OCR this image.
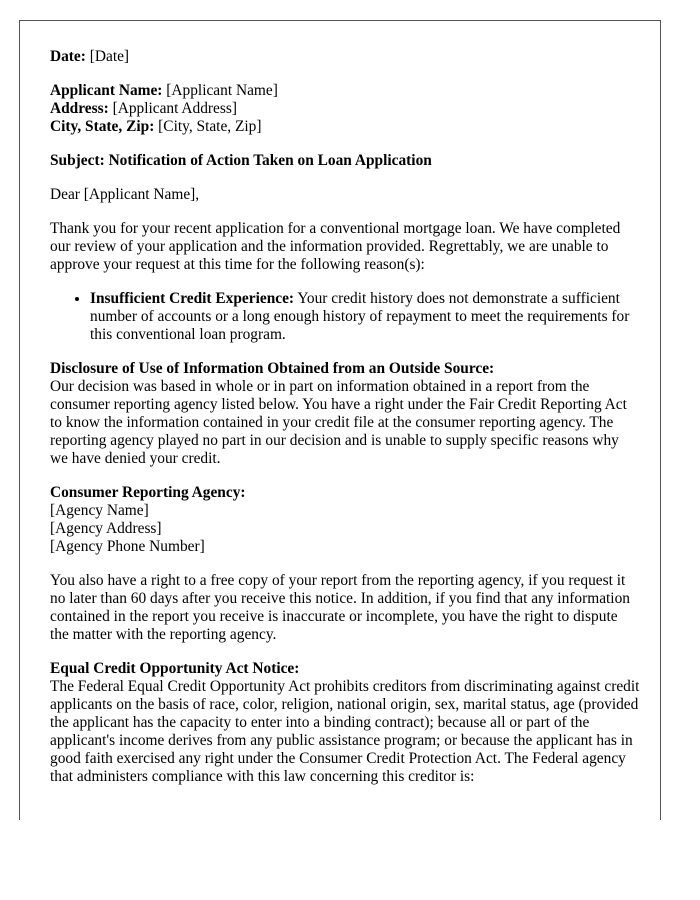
Date: [Date]

Applicant Name: [Applicant Name]
Address: [Applicant Address]
City, State, Zip: [City, State, Zip]

Subject: Notification of Action Taken on Loan Application

Dear [Applicant Name],

Thank you for your recent application for a conventional mortgage loan. We have completed our review of your application and the information provided. Regrettably, we are unable to approve your request at this time for the following reason(s):

• Insufficient Credit Experience: Your credit history does not demonstrate a sufficient number of accounts or a long enough history of repayment to meet the requirements for this conventional loan program.

Disclosure of Use of Information Obtained from an Outside Source:
Our decision was based in whole or in part on information obtained in a report from the consumer reporting agency listed below. You have a right under the Fair Credit Reporting Act to know the information contained in your credit file at the consumer reporting agency. The reporting agency played no part in our decision and is unable to supply specific reasons why we have denied your credit.

Consumer Reporting Agency:
[Agency Name]
[Agency Address]
[Agency Phone Number]

You also have a right to a free copy of your report from the reporting agency, if you request it no later than 60 days after you receive this notice. In addition, if you find that any information contained in the report you receive is inaccurate or incomplete, you have the right to dispute the matter with the reporting agency.

Equal Credit Opportunity Act Notice:
The Federal Equal Credit Opportunity Act prohibits creditors from discriminating against credit applicants on the basis of race, color, religion, national origin, sex, marital status, age (provided the applicant has the capacity to enter into a binding contract); because all or part of the applicant's income derives from any public assistance program; or because the applicant has in good faith exercised any right under the Consumer Credit Protection Act. The Federal agency that administers compliance with this law concerning this creditor is:
